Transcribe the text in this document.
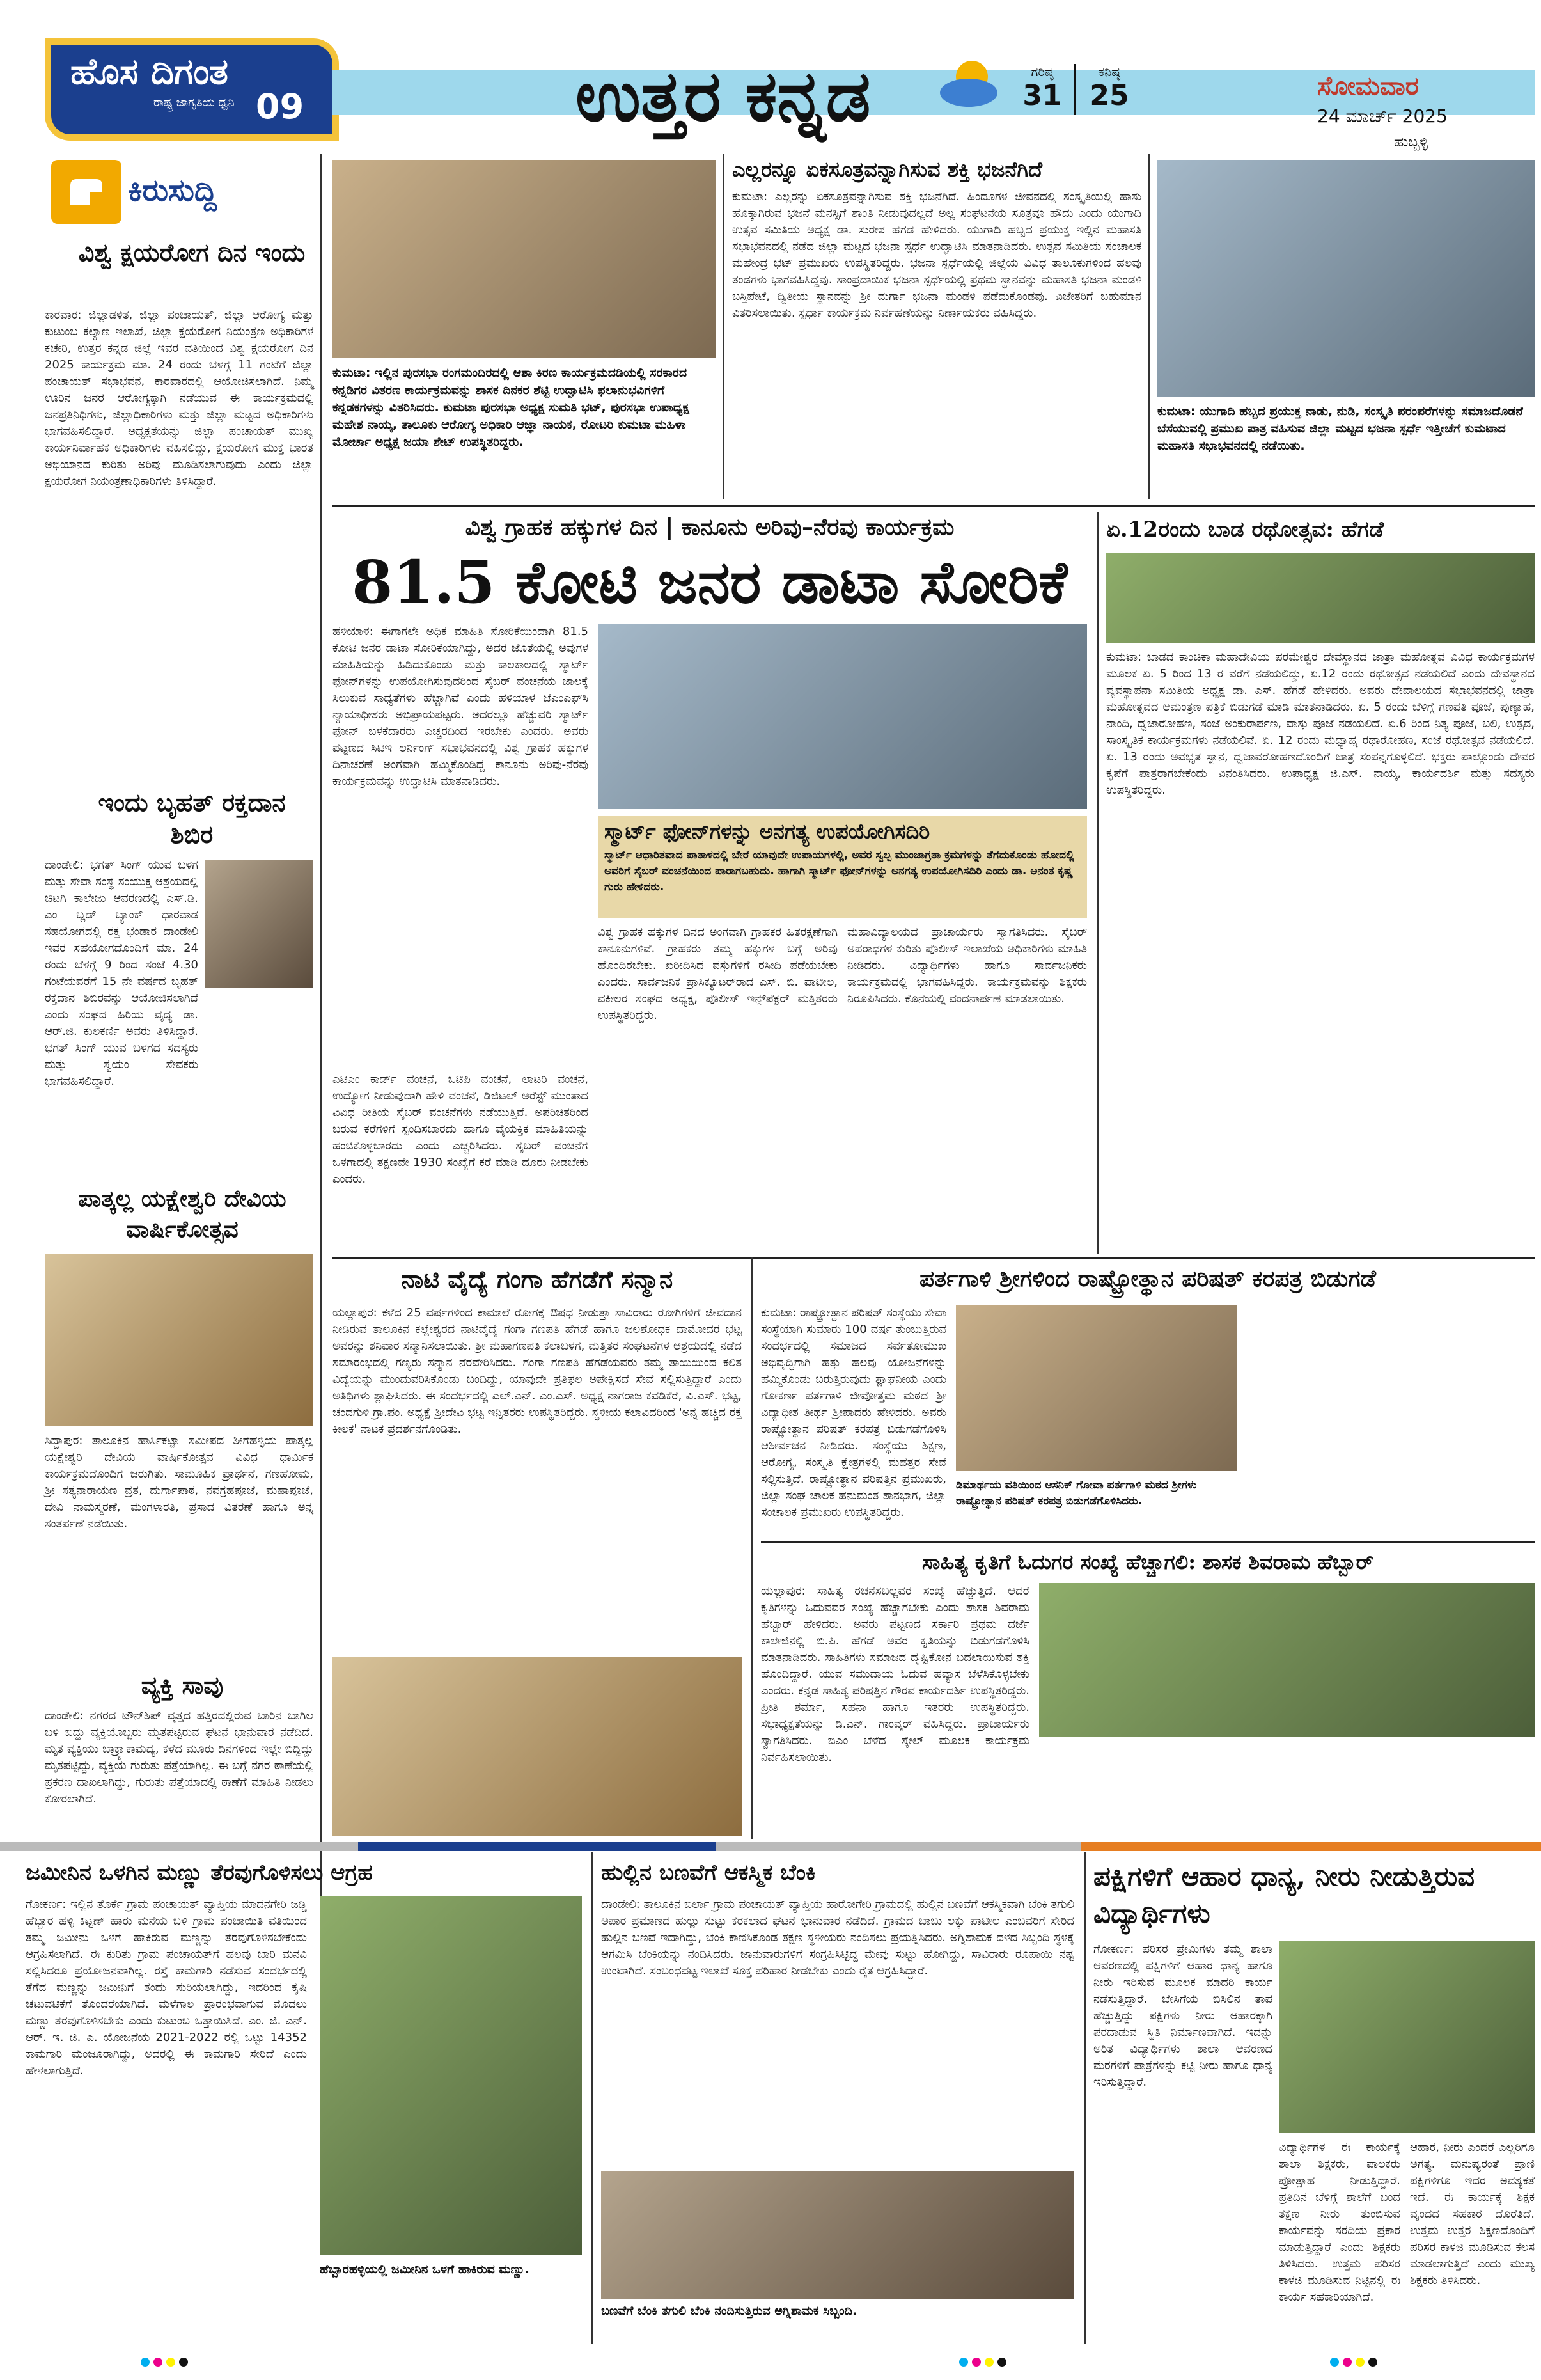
ಹೊಸ ದಿಗಂತ
ರಾಷ್ಟ್ರ ಜಾಗೃತಿಯ ಧ್ವನಿ 09	ಉತ್ತರ ಕನ್ನಡ	ಗರಿಷ್ಠ
31
ಕನಿಷ್ಠ
25	ಸೋಮವಾರ
24 ಮಾರ್ಚ್ 2025
ಹುಬ್ಬಳ್ಳಿ
ಕಿರುಸುದ್ದಿ
ವಿಶ್ವ ಕ್ಷಯರೋಗ ದಿನ ಇಂದು
ಕಾರವಾರ: ಜಿಲ್ಲಾಡಳಿತ, ಜಿಲ್ಲಾ ಪಂಚಾಯತ್, ಜಿಲ್ಲಾ ಆರೋಗ್ಯ ಮತ್ತು ಕುಟುಂಬ ಕಲ್ಯಾಣ ಇಲಾಖೆ, ಜಿಲ್ಲಾ ಕ್ಷಯರೋಗ ನಿಯಂತ್ರಣ ಅಧಿಕಾರಿಗಳ ಕಚೇರಿ, ಉತ್ತರ ಕನ್ನಡ ಜಿಲ್ಲೆ ಇವರ ವತಿಯಿಂದ ವಿಶ್ವ ಕ್ಷಯರೋಗ ದಿನ 2025 ಕಾರ್ಯಕ್ರಮ ಮಾ. 24 ರಂದು ಬೆಳಗ್ಗೆ 11 ಗಂಟೆಗೆ ಜಿಲ್ಲಾ ಪಂಚಾಯತ್ ಸಭಾಭವನ, ಕಾರವಾರದಲ್ಲಿ ಆಯೋಜಿಸಲಾಗಿದೆ. ನಿಮ್ಮ ಊರಿನ ಜನರ ಆರೋಗ್ಯಕ್ಕಾಗಿ ನಡೆಯುವ ಈ ಕಾರ್ಯಕ್ರಮದಲ್ಲಿ ಜನಪ್ರತಿನಿಧಿಗಳು, ಜಿಲ್ಲಾಧಿಕಾರಿಗಳು ಮತ್ತು ಜಿಲ್ಲಾ ಮಟ್ಟದ ಅಧಿಕಾರಿಗಳು ಭಾಗವಹಿಸಲಿದ್ದಾರೆ. ಅಧ್ಯಕ್ಷತೆಯನ್ನು ಜಿಲ್ಲಾ ಪಂಚಾಯತ್ ಮುಖ್ಯ ಕಾರ್ಯನಿರ್ವಾಹಕ ಅಧಿಕಾರಿಗಳು ವಹಿಸಲಿದ್ದು, ಕ್ಷಯರೋಗ ಮುಕ್ತ ಭಾರತ ಅಭಿಯಾನದ ಕುರಿತು ಅರಿವು ಮೂಡಿಸಲಾಗುವುದು ಎಂದು ಜಿಲ್ಲಾ ಕ್ಷಯರೋಗ ನಿಯಂತ್ರಣಾಧಿಕಾರಿಗಳು ತಿಳಿಸಿದ್ದಾರೆ.
ಇಂದು ಬೃಹತ್ ರಕ್ತದಾನ ಶಿಬಿರ
ದಾಂಡೇಲಿ: ಭಗತ್ ಸಿಂಗ್ ಯುವ ಬಳಗ ಮತ್ತು ಸೇವಾ ಸಂಸ್ಥೆ ಸಂಯುಕ್ತ ಆಶ್ರಯದಲ್ಲಿ ಚಿಟಗಿ ಕಾಲೇಜು ಆವರಣದಲ್ಲಿ ಎಸ್.ಡಿ. ಎಂ ಬ್ಲಡ್ ಬ್ಯಾಂಕ್ ಧಾರವಾಡ ಸಹಯೋಗದಲ್ಲಿ ರಕ್ತ ಭಂಡಾರ ದಾಂಡೇಲಿ ಇವರ ಸಹಯೋಗದೊಂದಿಗೆ ಮಾ. 24 ರಂದು ಬೆಳಗ್ಗೆ 9 ರಿಂದ ಸಂಜೆ 4.30 ಗಂಟೆಯವರೆಗೆ 15 ನೇ ವರ್ಷದ ಬೃಹತ್ ರಕ್ತದಾನ ಶಿಬಿರವನ್ನು ಆಯೋಜಿಸಲಾಗಿದೆ ಎಂದು ಸಂಘದ ಹಿರಿಯ ವೈದ್ಯ ಡಾ. ಆರ್.ಜಿ. ಕುಲಕರ್ಣಿ ಅವರು ತಿಳಿಸಿದ್ದಾರೆ. ಭಗತ್ ಸಿಂಗ್ ಯುವ ಬಳಗದ ಸದಸ್ಯರು ಮತ್ತು ಸ್ವಯಂ ಸೇವಕರು ಭಾಗವಹಿಸಲಿದ್ದಾರೆ.
ಪಾತ್ಕಲ್ಲ ಯಕ್ಷೇಶ್ವರಿ ದೇವಿಯ ವಾರ್ಷಿಕೋತ್ಸವ
ಸಿದ್ದಾಪುರ: ತಾಲೂಕಿನ ಹಾರ್ಸಿಕಟ್ಟಾ ಸಮೀಪದ ಶೀಗೆಹಳ್ಳಿಯ ಪಾತ್ಕಲ್ಲ ಯಕ್ಷೇಶ್ವರಿ ದೇವಿಯ ವಾರ್ಷಿಕೋತ್ಸವ ವಿವಿಧ ಧಾರ್ಮಿಕ ಕಾರ್ಯಕ್ರಮದೊಂದಿಗೆ ಜರುಗಿತು. ಸಾಮೂಹಿಕ ಪ್ರಾರ್ಥನೆ, ಗಣಹೋಮ, ಶ್ರೀ ಸತ್ಯನಾರಾಯಣ ವ್ರತ, ದುರ್ಗಾಪಾಠ, ನವಗ್ರಹಪೂಜೆ, ಮಹಾಪೂಜೆ, ದೇವಿ ನಾಮಸ್ಮರಣೆ, ಮಂಗಳಾರತಿ, ಪ್ರಸಾದ ವಿತರಣೆ ಹಾಗೂ ಅನ್ನ ಸಂತರ್ಪಣೆ ನಡೆಯಿತು.
ವ್ಯಕ್ತಿ ಸಾವು
ದಾಂಡೇಲಿ: ನಗರದ ಟೌನ್‌ಶಿಪ್ ವೃತ್ತದ ಹತ್ತಿರದಲ್ಲಿರುವ ಬಾರಿನ ಬಾಗಿಲ ಬಳಿ ಬಿದ್ದು ವ್ಯಕ್ತಿಯೊಬ್ಬರು ಮೃತಪಟ್ಟಿರುವ ಘಟನೆ ಭಾನುವಾರ ನಡೆದಿದೆ. ಮೃತ ವ್ಯಕ್ತಿಯು ಬಾಕ್ರ್ಯಾಕಾಮದ್ಯ, ಕಳೆದ ಮೂರು ದಿನಗಳಿಂದ ಇಲ್ಲೇ ಬಿದ್ದಿದ್ದು ಮೃತಪಟ್ಟಿದ್ದು, ವ್ಯಕ್ತಿಯ ಗುರುತು ಪತ್ತೆಯಾಗಿಲ್ಲ. ಈ ಬಗ್ಗೆ ನಗರ ಠಾಣೆಯಲ್ಲಿ ಪ್ರಕರಣ ದಾಖಲಾಗಿದ್ದು, ಗುರುತು ಪತ್ತೆಯಾದಲ್ಲಿ ಠಾಣೆಗೆ ಮಾಹಿತಿ ನೀಡಲು ಕೋರಲಾಗಿದೆ.
ಕುಮಟಾ: ಇಲ್ಲಿನ ಪುರಸಭಾ ರಂಗಮಂದಿರದಲ್ಲಿ ಆಶಾ ಕಿರಣ ಕಾರ್ಯಕ್ರಮದಡಿಯಲ್ಲಿ ಸರಕಾರದ ಕನ್ನಡಿಗರ ವಿತರಣ ಕಾರ್ಯಕ್ರಮವನ್ನು ಶಾಸಕ ದಿನಕರ ಶೆಟ್ಟಿ ಉದ್ಘಾಟಿಸಿ ಫಲಾನುಭವಿಗಳಿಗೆ ಕನ್ನಡಕಗಳನ್ನು ವಿತರಿಸಿದರು. ಕುಮಟಾ ಪುರಸಭಾ ಅಧ್ಯಕ್ಷ ಸುಮತಿ ಭಟ್, ಪುರಸಭಾ ಉಪಾಧ್ಯಕ್ಷ ಮಹೇಶ ನಾಯ್ಕ, ತಾಲೂಕು ಆರೋಗ್ಯ ಅಧಿಕಾರಿ ಆಜ್ಞಾ ನಾಯಕ, ರೋಟರಿ ಕುಮಟಾ ಮಹಿಳಾ ಮೋರ್ಚಾ ಅಧ್ಯಕ್ಷ ಜಯಾ ಶೇಟ್ ಉಪಸ್ಥಿತರಿದ್ದರು.
ಎಲ್ಲರನ್ನೂ ಏಕಸೂತ್ರವನ್ನಾಗಿಸುವ ಶಕ್ತಿ ಭಜನೆಗಿದೆ
ಕುಮಟಾ: ಎಲ್ಲರನ್ನು ಏಕಸೂತ್ರವನ್ನಾಗಿಸುವ ಶಕ್ತಿ ಭಜನೆಗಿದೆ. ಹಿಂದೂಗಳ ಜೀವನದಲ್ಲಿ ಸಂಸ್ಕೃತಿಯಲ್ಲಿ ಹಾಸು ಹೊಕ್ಕಾಗಿರುವ ಭಜನೆ ಮನಸ್ಸಿಗೆ ಶಾಂತಿ ನೀಡುವುದಲ್ಲದೆ ಅಲ್ಲ ಸಂಘಟನೆಯ ಸೂತ್ರವೂ ಹೌದು ಎಂದು ಯುಗಾದಿ ಉತ್ಸವ ಸಮಿತಿಯ ಅಧ್ಯಕ್ಷ ಡಾ. ಸುರೇಶ ಹೆಗಡೆ ಹೇಳಿದರು. ಯುಗಾದಿ ಹಬ್ಬದ ಪ್ರಯುಕ್ತ ಇಲ್ಲಿನ ಮಹಾಸತಿ ಸಭಾಭವನದಲ್ಲಿ ನಡೆದ ಜಿಲ್ಲಾ ಮಟ್ಟದ ಭಜನಾ ಸ್ಪರ್ಧೆ ಉದ್ಘಾಟಿಸಿ ಮಾತನಾಡಿದರು. ಉತ್ಸವ ಸಮಿತಿಯ ಸಂಚಾಲಕ ಮಹೇಂದ್ರ ಭಟ್ ಪ್ರಮುಖರು ಉಪಸ್ಥಿತರಿದ್ದರು. ಭಜನಾ ಸ್ಪರ್ಧೆಯಲ್ಲಿ ಜಿಲ್ಲೆಯ ವಿವಿಧ ತಾಲೂಕುಗಳಿಂದ ಹಲವು ತಂಡಗಳು ಭಾಗವಹಿಸಿದ್ದವು. ಸಾಂಪ್ರದಾಯಿಕ ಭಜನಾ ಸ್ಪರ್ಧೆಯಲ್ಲಿ ಪ್ರಥಮ ಸ್ಥಾನವನ್ನು ಮಹಾಸತಿ ಭಜನಾ ಮಂಡಳಿ ಬಸ್ತಿಪೇಟೆ, ದ್ವಿತೀಯ ಸ್ಥಾನವನ್ನು ಶ್ರೀ ದುರ್ಗಾ ಭಜನಾ ಮಂಡಳಿ ಪಡೆದುಕೊಂಡವು. ವಿಜೇತರಿಗೆ ಬಹುಮಾನ ವಿತರಿಸಲಾಯಿತು. ಸ್ಪರ್ಧಾ ಕಾರ್ಯಕ್ರಮ ನಿರ್ವಹಣೆಯನ್ನು ನಿರ್ಣಾಯಕರು ವಹಿಸಿದ್ದರು.
ಕುಮಟಾ: ಯುಗಾದಿ ಹಬ್ಬದ ಪ್ರಯುಕ್ತ ನಾಡು, ನುಡಿ, ಸಂಸ್ಕೃತಿ ಪರಂಪರೆಗಳನ್ನು ಸಮಾಜದೊಡನೆ ಬೆಸೆಯುವಲ್ಲಿ ಪ್ರಮುಖ ಪಾತ್ರ ವಹಿಸುವ ಜಿಲ್ಲಾ ಮಟ್ಟದ ಭಜನಾ ಸ್ಪರ್ಧೆ ಇತ್ತೀಚೆಗೆ ಕುಮಟಾದ ಮಹಾಸತಿ ಸಭಾಭವನದಲ್ಲಿ ನಡೆಯಿತು.
ವಿಶ್ವ ಗ್ರಾಹಕ ಹಕ್ಕುಗಳ ದಿನ | ಕಾನೂನು ಅರಿವು–ನೆರವು ಕಾರ್ಯಕ್ರಮ
81.5 ಕೋಟಿ ಜನರ ಡಾಟಾ ಸೋರಿಕೆ
ಹಳಿಯಾಳ: ಈಗಾಗಲೇ ಅಧಿಕ ಮಾಹಿತಿ ಸೋರಿಕೆಯಿಂದಾಗಿ 81.5 ಕೋಟಿ ಜನರ ಡಾಟಾ ಸೋರಿಕೆಯಾಗಿದ್ದು, ಅದರ ಜೊತೆಯಲ್ಲಿ ಅವುಗಳ ಮಾಹಿತಿಯನ್ನು ಹಿಡಿದುಕೊಂಡು ಮತ್ತು ಕಾಲಕಾಲದಲ್ಲಿ ಸ್ಮಾರ್ಟ್ ಫೋನ್‌ಗಳನ್ನು ಉಪಯೋಗಿಸುವುದರಿಂದ ಸೈಬರ್ ವಂಚನೆಯ ಜಾಲಕ್ಕೆ ಸಿಲುಕುವ ಸಾಧ್ಯತೆಗಳು ಹೆಚ್ಚಾಗಿವೆ ಎಂದು ಹಳಿಯಾಳ ಜೆಎಂಎಫ್‌ಸಿ ನ್ಯಾಯಾಧೀಶರು ಅಭಿಪ್ರಾಯಪಟ್ಟರು. ಅದರಲ್ಲೂ ಹೆಚ್ಚುವರಿ ಸ್ಮಾರ್ಟ್ ಫೋನ್ ಬಳಕೆದಾರರು ಎಚ್ಚರದಿಂದ ಇರಬೇಕು ಎಂದರು. ಅವರು ಪಟ್ಟಣದ ಸಿಟಿಇ ಲರ್ನಿಂಗ್ ಸಭಾಭವನದಲ್ಲಿ ವಿಶ್ವ ಗ್ರಾಹಕ ಹಕ್ಕುಗಳ ದಿನಾಚರಣೆ ಅಂಗವಾಗಿ ಹಮ್ಮಿಕೊಂಡಿದ್ದ ಕಾನೂನು ಅರಿವು-ನೆರವು ಕಾರ್ಯಕ್ರಮವನ್ನು ಉದ್ಘಾಟಿಸಿ ಮಾತನಾಡಿದರು.
ಸ್ಮಾರ್ಟ್ ಫೋನ್‌ಗಳನ್ನು ಅನಗತ್ಯ ಉಪಯೋಗಿಸದಿರಿ
ಸ್ಮಾರ್ಟ್ ಆಧಾರಿತವಾದ ಪಾತಾಳದಲ್ಲಿ ಬೇರೆ ಯಾವುದೇ ಉಪಾಯಗಳಲ್ಲಿ, ಅವರ ಸ್ವಲ್ಪ ಮುಂಜಾಗ್ರತಾ ಕ್ರಮಗಳನ್ನು ತೆಗೆದುಕೊಂಡು ಹೋದಲ್ಲಿ ಅವರಿಗೆ ಸೈಬರ್ ವಂಚನೆಯಿಂದ ಪಾರಾಗಬಹುದು. ಹಾಗಾಗಿ ಸ್ಮಾರ್ಟ್ ಫೋನ್‌ಗಳನ್ನು ಅನಗತ್ಯ ಉಪಯೋಗಿಸದಿರಿ ಎಂದು ಡಾ. ಅನಂತ ಕೃಷ್ಣ ಗುರು ಹೇಳಿದರು.
ಎಟಿಎಂ ಕಾರ್ಡ್ ವಂಚನೆ, ಒಟಿಪಿ ವಂಚನೆ, ಲಾಟರಿ ವಂಚನೆ, ಉದ್ಯೋಗ ನೀಡುವುದಾಗಿ ಹೇಳಿ ವಂಚನೆ, ಡಿಜಿಟಲ್ ಅರೆಸ್ಟ್ ಮುಂತಾದ ವಿವಿಧ ರೀತಿಯ ಸೈಬರ್ ವಂಚನೆಗಳು ನಡೆಯುತ್ತಿವೆ. ಅಪರಿಚಿತರಿಂದ ಬರುವ ಕರೆಗಳಿಗೆ ಸ್ಪಂದಿಸಬಾರದು ಹಾಗೂ ವೈಯಕ್ತಿಕ ಮಾಹಿತಿಯನ್ನು ಹಂಚಿಕೊಳ್ಳಬಾರದು ಎಂದು ಎಚ್ಚರಿಸಿದರು. ಸೈಬರ್ ವಂಚನೆಗೆ ಒಳಗಾದಲ್ಲಿ ತಕ್ಷಣವೇ 1930 ಸಂಖ್ಯೆಗೆ ಕರೆ ಮಾಡಿ ದೂರು ನೀಡಬೇಕು ಎಂದರು.
ವಿಶ್ವ ಗ್ರಾಹಕ ಹಕ್ಕುಗಳ ದಿನದ ಅಂಗವಾಗಿ ಗ್ರಾಹಕರ ಹಿತರಕ್ಷಣೆಗಾಗಿ ಕಾನೂನುಗಳಿವೆ. ಗ್ರಾಹಕರು ತಮ್ಮ ಹಕ್ಕುಗಳ ಬಗ್ಗೆ ಅರಿವು ಹೊಂದಿರಬೇಕು. ಖರೀದಿಸಿದ ವಸ್ತುಗಳಿಗೆ ರಸೀದಿ ಪಡೆಯಬೇಕು ಎಂದರು. ಸಾರ್ವಜನಿಕ ಪ್ರಾಸಿಕ್ಯೂಟರ್‌ರಾದ ಎಸ್. ಬಿ. ಪಾಟೀಲ, ವಕೀಲರ ಸಂಘದ ಅಧ್ಯಕ್ಷ, ಪೊಲೀಸ್ ಇನ್ಸ್‌ಪೆಕ್ಟರ್ ಮತ್ತಿತರರು ಉಪಸ್ಥಿತರಿದ್ದರು.
ಮಹಾವಿದ್ಯಾಲಯದ ಪ್ರಾಚಾರ್ಯರು ಸ್ವಾಗತಿಸಿದರು. ಸೈಬರ್ ಅಪರಾಧಗಳ ಕುರಿತು ಪೊಲೀಸ್ ಇಲಾಖೆಯ ಅಧಿಕಾರಿಗಳು ಮಾಹಿತಿ ನೀಡಿದರು. ವಿದ್ಯಾರ್ಥಿಗಳು ಹಾಗೂ ಸಾರ್ವಜನಿಕರು ಕಾರ್ಯಕ್ರಮದಲ್ಲಿ ಭಾಗವಹಿಸಿದ್ದರು. ಕಾರ್ಯಕ್ರಮವನ್ನು ಶಿಕ್ಷಕರು ನಿರೂಪಿಸಿದರು. ಕೊನೆಯಲ್ಲಿ ವಂದನಾರ್ಪಣೆ ಮಾಡಲಾಯಿತು.
ಏ.12ರಂದು ಬಾಡ ರಥೋತ್ಸವ: ಹೆಗಡೆ
ಕುಮಟಾ: ಬಾಡದ ಕಾಂಚಿಕಾ ಮಹಾದೇವಿಯ ಪರಮೇಶ್ವರ ದೇವಸ್ಥಾನದ ಜಾತ್ರಾ ಮಹೋತ್ಸವ ವಿವಿಧ ಕಾರ್ಯಕ್ರಮಗಳ ಮೂಲಕ ಏ. 5 ರಿಂದ 13 ರ ವರೆಗೆ ನಡೆಯಲಿದ್ದು, ಏ.12 ರಂದು ರಥೋತ್ಸವ ನಡೆಯಲಿದೆ ಎಂದು ದೇವಸ್ಥಾನದ ವ್ಯವಸ್ಥಾಪನಾ ಸಮಿತಿಯ ಅಧ್ಯಕ್ಷ ಡಾ. ಎಸ್. ಹೆಗಡೆ ಹೇಳಿದರು. ಅವರು ದೇವಾಲಯದ ಸಭಾಭವನದಲ್ಲಿ ಜಾತ್ರಾ ಮಹೋತ್ಸವದ ಆಮಂತ್ರಣ ಪತ್ರಿಕೆ ಬಿಡುಗಡೆ ಮಾಡಿ ಮಾತನಾಡಿದರು. ಏ. 5 ರಂದು ಬೆಳಿಗ್ಗೆ ಗಣಪತಿ ಪೂಜೆ, ಪುಣ್ಯಾಹ, ನಾಂದಿ, ಧ್ವಜಾರೋಹಣ, ಸಂಜೆ ಅಂಕುರಾರ್ಪಣ, ವಾಸ್ತು ಪೂಜೆ ನಡೆಯಲಿದೆ. ಏ.6 ರಿಂದ ನಿತ್ಯ ಪೂಜೆ, ಬಲಿ, ಉತ್ಸವ, ಸಾಂಸ್ಕೃತಿಕ ಕಾರ್ಯಕ್ರಮಗಳು ನಡೆಯಲಿವೆ. ಏ. 12 ರಂದು ಮಧ್ಯಾಹ್ನ ರಥಾರೋಹಣ, ಸಂಜೆ ರಥೋತ್ಸವ ನಡೆಯಲಿದೆ. ಏ. 13 ರಂದು ಅವಭೃತ ಸ್ನಾನ, ಧ್ವಜಾವರೋಹಣದೊಂದಿಗೆ ಜಾತ್ರೆ ಸಂಪನ್ನಗೊಳ್ಳಲಿದೆ. ಭಕ್ತರು ಪಾಲ್ಗೊಂಡು ದೇವರ ಕೃಪೆಗೆ ಪಾತ್ರರಾಗಬೇಕೆಂದು ವಿನಂತಿಸಿದರು. ಉಪಾಧ್ಯಕ್ಷ ಜಿ.ಎಸ್. ನಾಯ್ಕ, ಕಾರ್ಯದರ್ಶಿ ಮತ್ತು ಸದಸ್ಯರು ಉಪಸ್ಥಿತರಿದ್ದರು.
ನಾಟಿ ವೈದ್ಯೆ ಗಂಗಾ ಹೆಗಡೆಗೆ ಸನ್ಮಾನ
ಯಲ್ಲಾಪುರ: ಕಳೆದ 25 ವರ್ಷಗಳಿಂದ ಕಾಮಾಲೆ ರೋಗಕ್ಕೆ ಔಷಧ ನೀಡುತ್ತಾ ಸಾವಿರಾರು ರೋಗಿಗಳಿಗೆ ಜೀವದಾನ ನೀಡಿರುವ ತಾಲೂಕಿನ ಕಲ್ಲೇಶ್ವರದ ನಾಟಿವೈದ್ಯೆ ಗಂಗಾ ಗಣಪತಿ ಹೆಗಡೆ ಹಾಗೂ ಜಲಶೋಧಕ ದಾಮೋದರ ಭಟ್ಟ ಅವರನ್ನು ಶನಿವಾರ ಸನ್ಮಾನಿಸಲಾಯಿತು. ಶ್ರೀ ಮಹಾಗಣಪತಿ ಕಲಾಬಳಗ, ಮತ್ತಿತರ ಸಂಘಟನೆಗಳ ಆಶ್ರಯದಲ್ಲಿ ನಡೆದ ಸಮಾರಂಭದಲ್ಲಿ ಗಣ್ಯರು ಸನ್ಮಾನ ನೆರವೇರಿಸಿದರು. ಗಂಗಾ ಗಣಪತಿ ಹೆಗಡೆಯವರು ತಮ್ಮ ತಾಯಿಯಿಂದ ಕಲಿತ ವಿದ್ಯೆಯನ್ನು ಮುಂದುವರಿಸಿಕೊಂಡು ಬಂದಿದ್ದು, ಯಾವುದೇ ಪ್ರತಿಫಲ ಅಪೇಕ್ಷಿಸದೆ ಸೇವೆ ಸಲ್ಲಿಸುತ್ತಿದ್ದಾರೆ ಎಂದು ಅತಿಥಿಗಳು ಶ್ಲಾಘಿಸಿದರು. ಈ ಸಂದರ್ಭದಲ್ಲಿ ಎಲ್.ಎನ್. ಎಂ.ಎಸ್. ಅಧ್ಯಕ್ಷ ನಾಗರಾಜ ಕವಡಿಕೆರೆ, ವಿ.ಎಸ್. ಭಟ್ಟ, ಚಂದಗುಳಿ ಗ್ರಾ.ಪಂ. ಅಧ್ಯಕ್ಷೆ ಶ್ರೀದೇವಿ ಭಟ್ಟ ಇನ್ನಿತರರು ಉಪಸ್ಥಿತರಿದ್ದರು. ಸ್ಥಳೀಯ ಕಲಾವಿದರಿಂದ 'ಅನ್ನ ಹಚ್ಚಿದ ರಕ್ತ ಕೀಲಕ' ನಾಟಕ ಪ್ರದರ್ಶನಗೊಂಡಿತು.
ಪರ್ತಗಾಳಿ ಶ್ರೀಗಳಿಂದ ರಾಷ್ಟ್ರೋತ್ಥಾನ ಪರಿಷತ್ ಕರಪತ್ರ ಬಿಡುಗಡೆ
ಕುಮಟಾ: ರಾಷ್ಟ್ರೋತ್ಥಾನ ಪರಿಷತ್ ಸಂಸ್ಥೆಯು ಸೇವಾ ಸಂಸ್ಥೆಯಾಗಿ ಸುಮಾರು 100 ವರ್ಷ ತುಂಬುತ್ತಿರುವ ಸಂದರ್ಭದಲ್ಲಿ ಸಮಾಜದ ಸರ್ವತೋಮುಖ ಅಭಿವೃದ್ಧಿಗಾಗಿ ಹತ್ತು ಹಲವು ಯೋಜನೆಗಳನ್ನು ಹಮ್ಮಿಕೊಂಡು ಬರುತ್ತಿರುವುದು ಶ್ಲಾಘನೀಯ ಎಂದು ಗೋಕರ್ಣ ಪರ್ತಗಾಳಿ ಜೀವೋತ್ತಮ ಮಠದ ಶ್ರೀ ವಿದ್ಯಾಧೀಶ ತೀರ್ಥ ಶ್ರೀಪಾದರು ಹೇಳಿದರು. ಅವರು ರಾಷ್ಟ್ರೋತ್ಥಾನ ಪರಿಷತ್ ಕರಪತ್ರ ಬಿಡುಗಡೆಗೊಳಿಸಿ ಆಶೀರ್ವಚನ ನೀಡಿದರು. ಸಂಸ್ಥೆಯು ಶಿಕ್ಷಣ, ಆರೋಗ್ಯ, ಸಂಸ್ಕೃತಿ ಕ್ಷೇತ್ರಗಳಲ್ಲಿ ಮಹತ್ತರ ಸೇವೆ ಸಲ್ಲಿಸುತ್ತಿದೆ. ರಾಷ್ಟ್ರೋತ್ಥಾನ ಪರಿಷತ್ತಿನ ಪ್ರಮುಖರು, ಜಿಲ್ಲಾ ಸಂಘ ಚಾಲಕ ಹನುಮಂತ ಶಾನಭಾಗ, ಜಿಲ್ಲಾ ಸಂಚಾಲಕ ಪ್ರಮುಖರು ಉಪಸ್ಥಿತರಿದ್ದರು.
ಡಿಮಾರ್ಥಯ ವತಿಯಿಂದ ಆಸನಿಕ್ ಗೋವಾ ಪರ್ತಗಾಳಿ ಮಠದ ಶ್ರೀಗಳು ರಾಷ್ಟ್ರೋತ್ಥಾನ ಪರಿಷತ್ ಕರಪತ್ರ ಬಿಡುಗಡೆಗೊಳಿಸಿದರು.
ಸಾಹಿತ್ಯ ಕೃತಿಗೆ ಓದುಗರ ಸಂಖ್ಯೆ ಹೆಚ್ಚಾಗಲಿ: ಶಾಸಕ ಶಿವರಾಮ ಹೆಬ್ಬಾರ್
ಯಲ್ಲಾಪುರ: ಸಾಹಿತ್ಯ ರಚನೆಸಬಲ್ಲವರ ಸಂಖ್ಯೆ ಹೆಚ್ಚುತ್ತಿದೆ. ಆದರೆ ಕೃತಿಗಳನ್ನು ಓದುವವರ ಸಂಖ್ಯೆ ಹೆಚ್ಚಾಗಬೇಕು ಎಂದು ಶಾಸಕ ಶಿವರಾಮ ಹೆಬ್ಬಾರ್ ಹೇಳಿದರು. ಅವರು ಪಟ್ಟಣದ ಸರ್ಕಾರಿ ಪ್ರಥಮ ದರ್ಜೆ ಕಾಲೇಜಿನಲ್ಲಿ ಬಿ.ಪಿ. ಹೆಗಡೆ ಅವರ ಕೃತಿಯನ್ನು ಬಿಡುಗಡೆಗೊಳಿಸಿ ಮಾತನಾಡಿದರು. ಸಾಹಿತಿಗಳು ಸಮಾಜದ ದೃಷ್ಟಿಕೋನ ಬದಲಾಯಿಸುವ ಶಕ್ತಿ ಹೊಂದಿದ್ದಾರೆ. ಯುವ ಸಮುದಾಯ ಓದುವ ಹವ್ಯಾಸ ಬೆಳೆಸಿಕೊಳ್ಳಬೇಕು ಎಂದರು. ಕನ್ನಡ ಸಾಹಿತ್ಯ ಪರಿಷತ್ತಿನ ಗೌರವ ಕಾರ್ಯದರ್ಶಿ ಉಪಸ್ಥಿತರಿದ್ದರು. ಪ್ರೀತಿ ಶರ್ಮಾ, ಸಹನಾ ಹಾಗೂ ಇತರರು ಉಪಸ್ಥಿತರಿದ್ದರು. ಸಭಾಧ್ಯಕ್ಷತೆಯನ್ನು ಡಿ.ಎನ್. ಗಾಂವ್ಕರ್ ವಹಿಸಿದ್ದರು. ಪ್ರಾಚಾರ್ಯರು ಸ್ವಾಗತಿಸಿದರು. ಬಿಎಂ ಬೆಳೆದ ಸ್ಕೇಲ್ ಮೂಲಕ ಕಾರ್ಯಕ್ರಮ ನಿರ್ವಹಿಸಲಾಯಿತು.
ಜಮೀನಿನ ಒಳಗಿನ ಮಣ್ಣು ತೆರವುಗೊಳಿಸಲು ಆಗ್ರಹ
ಗೋಕರ್ಣ: ಇಲ್ಲಿನ ತೊರ್ಕೆ ಗ್ರಾಮ ಪಂಚಾಯತ್ ವ್ಯಾಪ್ತಿಯ ಮಾದನಗೇರಿ ಜಡ್ಡಿ ಹೆಬ್ಬಾರ ಹಳ್ಳಿ ಕಿಟ್ಟಣ್ ಹಾರು ಮನೆಯ ಬಳಿ ಗ್ರಾಮ ಪಂಚಾಯಿತಿ ವತಿಯಿಂದ ತಮ್ಮ ಜಮೀನು ಒಳಗೆ ಹಾಕಿರುವ ಮಣ್ಣನ್ನು ತೆರವುಗೊಳಿಸಬೇಕೆಂದು ಆಗ್ರಹಿಸಲಾಗಿದೆ. ಈ ಕುರಿತು ಗ್ರಾಮ ಪಂಚಾಯತ್‌ಗೆ ಹಲವು ಬಾರಿ ಮನವಿ ಸಲ್ಲಿಸಿದರೂ ಪ್ರಯೋಜನವಾಗಿಲ್ಲ. ರಸ್ತೆ ಕಾಮಗಾರಿ ನಡೆಸುವ ಸಂದರ್ಭದಲ್ಲಿ ತೆಗೆದ ಮಣ್ಣನ್ನು ಜಮೀನಿಗೆ ತಂದು ಸುರಿಯಲಾಗಿದ್ದು, ಇದರಿಂದ ಕೃಷಿ ಚಟುವಟಿಕೆಗೆ ತೊಂದರೆಯಾಗಿದೆ. ಮಳೆಗಾಲ ಪ್ರಾರಂಭವಾಗುವ ಮೊದಲು ಮಣ್ಣು ತೆರವುಗೊಳಿಸಬೇಕು ಎಂದು ಕುಟುಂಬ ಒತ್ತಾಯಿಸಿದೆ. ಎಂ. ಜಿ. ಎನ್. ಆರ್. ಇ. ಜಿ. ಎ. ಯೋಜನೆಯ 2021-2022 ರಲ್ಲಿ ಒಟ್ಟು 14352 ಕಾಮಗಾರಿ ಮಂಜೂರಾಗಿದ್ದು, ಅದರಲ್ಲಿ ಈ ಕಾಮಗಾರಿ ಸೇರಿದೆ ಎಂದು ಹೇಳಲಾಗುತ್ತಿದೆ.
ಹೆಬ್ಬಾರಹಳ್ಳಿಯಲ್ಲಿ ಜಮೀನಿನ ಒಳಗೆ ಹಾಕಿರುವ ಮಣ್ಣು.
ಹುಲ್ಲಿನ ಬಣವೆಗೆ ಆಕಸ್ಮಿಕ ಬೆಂಕಿ
ದಾಂಡೇಲಿ: ತಾಲೂಕಿನ ಬಿರ್ಲಾ ಗ್ರಾಮ ಪಂಚಾಯತ್ ವ್ಯಾಪ್ತಿಯ ಹಾರೋಗೇರಿ ಗ್ರಾಮದಲ್ಲಿ ಹುಲ್ಲಿನ ಬಣವೆಗೆ ಆಕಸ್ಮಿಕವಾಗಿ ಬೆಂಕಿ ತಗುಲಿ ಅಪಾರ ಪ್ರಮಾಣದ ಹುಲ್ಲು ಸುಟ್ಟು ಕರಕಲಾದ ಘಟನೆ ಭಾನುವಾರ ನಡೆದಿದೆ. ಗ್ರಾಮದ ಬಾಬು ಲಕ್ಕು ಪಾಟೀಲ ಎಂಬವರಿಗೆ ಸೇರಿದ ಹುಲ್ಲಿನ ಬಣವೆ ಇದಾಗಿದ್ದು, ಬೆಂಕಿ ಕಾಣಿಸಿಕೊಂಡ ತಕ್ಷಣ ಸ್ಥಳೀಯರು ನಂದಿಸಲು ಪ್ರಯತ್ನಿಸಿದರು. ಅಗ್ನಿಶಾಮಕ ದಳದ ಸಿಬ್ಬಂದಿ ಸ್ಥಳಕ್ಕೆ ಆಗಮಿಸಿ ಬೆಂಕಿಯನ್ನು ನಂದಿಸಿದರು. ಜಾನುವಾರುಗಳಿಗೆ ಸಂಗ್ರಹಿಸಿಟ್ಟಿದ್ದ ಮೇವು ಸುಟ್ಟು ಹೋಗಿದ್ದು, ಸಾವಿರಾರು ರೂಪಾಯಿ ನಷ್ಟ ಉಂಟಾಗಿದೆ. ಸಂಬಂಧಪಟ್ಟ ಇಲಾಖೆ ಸೂಕ್ತ ಪರಿಹಾರ ನೀಡಬೇಕು ಎಂದು ರೈತ ಆಗ್ರಹಿಸಿದ್ದಾರೆ.
ಬಣವೆಗೆ ಬೆಂಕಿ ತಗುಲಿ ಬೆಂಕಿ ನಂದಿಸುತ್ತಿರುವ ಅಗ್ನಿಶಾಮಕ ಸಿಬ್ಬಂದಿ.
ಪಕ್ಷಿಗಳಿಗೆ ಆಹಾರ ಧಾನ್ಯ, ನೀರು ನೀಡುತ್ತಿರುವ ವಿದ್ಯಾರ್ಥಿಗಳು
ಗೋಕರ್ಣ: ಪರಿಸರ ಪ್ರೇಮಿಗಳು ತಮ್ಮ ಶಾಲಾ ಆವರಣದಲ್ಲಿ ಪಕ್ಷಿಗಳಿಗೆ ಆಹಾರ ಧಾನ್ಯ ಹಾಗೂ ನೀರು ಇರಿಸುವ ಮೂಲಕ ಮಾದರಿ ಕಾರ್ಯ ನಡೆಸುತ್ತಿದ್ದಾರೆ. ಬೇಸಿಗೆಯ ಬಿಸಿಲಿನ ತಾಪ ಹೆಚ್ಚುತ್ತಿದ್ದು ಪಕ್ಷಿಗಳು ನೀರು ಆಹಾರಕ್ಕಾಗಿ ಪರದಾಡುವ ಸ್ಥಿತಿ ನಿರ್ಮಾಣವಾಗಿದೆ. ಇದನ್ನು ಅರಿತ ವಿದ್ಯಾರ್ಥಿಗಳು ಶಾಲಾ ಆವರಣದ ಮರಗಳಿಗೆ ಪಾತ್ರೆಗಳನ್ನು ಕಟ್ಟಿ ನೀರು ಹಾಗೂ ಧಾನ್ಯ ಇರಿಸುತ್ತಿದ್ದಾರೆ.
ವಿದ್ಯಾರ್ಥಿಗಳ ಈ ಕಾರ್ಯಕ್ಕೆ ಶಾಲಾ ಶಿಕ್ಷಕರು, ಪಾಲಕರು ಪ್ರೋತ್ಸಾಹ ನೀಡುತ್ತಿದ್ದಾರೆ. ಪ್ರತಿದಿನ ಬೆಳಿಗ್ಗೆ ಶಾಲೆಗೆ ಬಂದ ತಕ್ಷಣ ನೀರು ತುಂಬಿಸುವ ಕಾರ್ಯವನ್ನು ಸರದಿಯ ಪ್ರಕಾರ ಮಾಡುತ್ತಿದ್ದಾರೆ ಎಂದು ಶಿಕ್ಷಕರು ತಿಳಿಸಿದರು. ಉತ್ತಮ ಪರಿಸರ ಕಾಳಜಿ ಮೂಡಿಸುವ ನಿಟ್ಟಿನಲ್ಲಿ ಈ ಕಾರ್ಯ ಸಹಕಾರಿಯಾಗಿದೆ.
ಆಹಾರ, ನೀರು ಎಂದರೆ ಎಲ್ಲರಿಗೂ ಅಗತ್ಯ. ಮನುಷ್ಯರಂತೆ ಪ್ರಾಣಿ ಪಕ್ಷಿಗಳಿಗೂ ಇದರ ಅವಶ್ಯಕತೆ ಇದೆ. ಈ ಕಾರ್ಯಕ್ಕೆ ಶಿಕ್ಷಕ ವೃಂದದ ಸಹಕಾರ ದೊರೆತಿದೆ. ಉತ್ತಮ ಉತ್ತರ ಶಿಕ್ಷಣದೊಂದಿಗೆ ಪರಿಸರ ಕಾಳಜಿ ಮೂಡಿಸುವ ಕೆಲಸ ಮಾಡಲಾಗುತ್ತಿದೆ ಎಂದು ಮುಖ್ಯ ಶಿಕ್ಷಕರು ತಿಳಿಸಿದರು.
